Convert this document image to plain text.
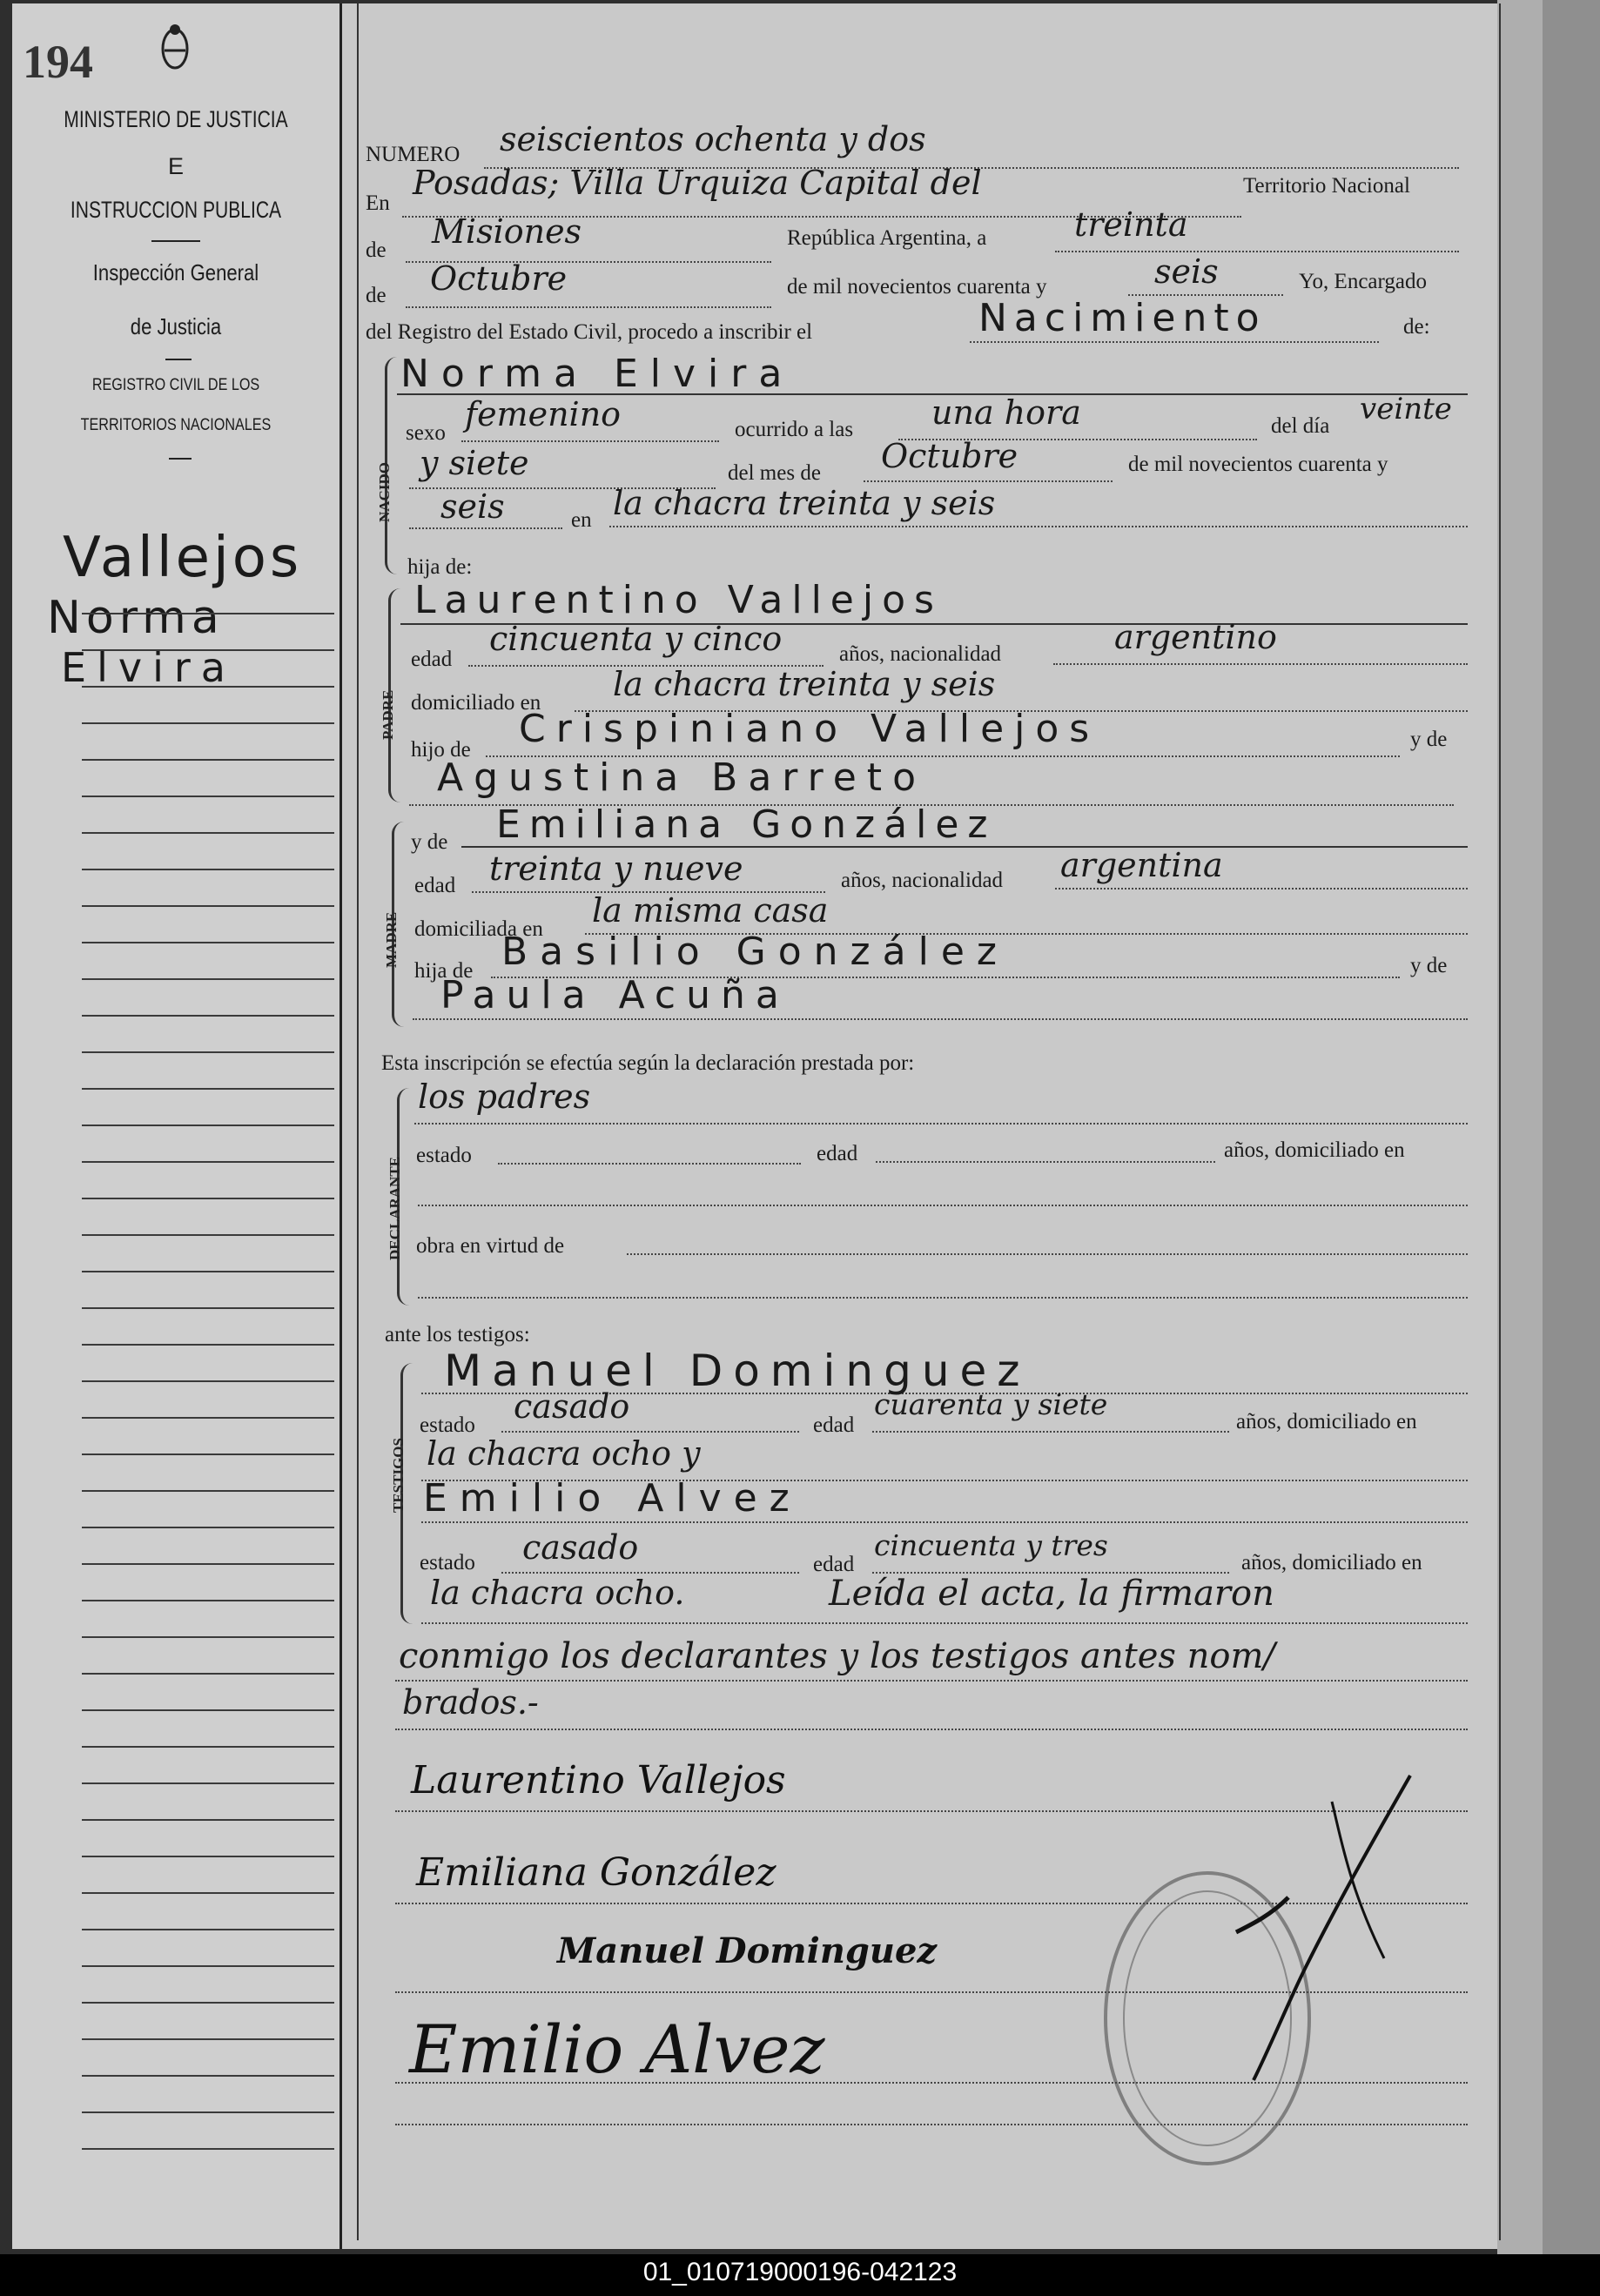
194
MINISTERIO DE JUSTICIA
E
INSTRUCCION PUBLICA
Inspección General
de Justicia
REGISTRO CIVIL DE LOS
TERRITORIOS NACIONALES
Vallejos
Norma
Elvira
NUMERO seiscientos ochenta y dos
En
Posadas; Villa Urquiza Capital del	Territorio Nacional
de Misiones	República Argentina, a	treinta
de Octubre	de mil novecientos cuarenta y	seis	Yo, Encargado
del Registro del Estado Civil, procedo a inscribir el	Nacimiento	de:
NACIDO
Norma Elvira
sexo femenino	ocurrido a las una hora	del día veinte
y siete	del mes de Octubre	de mil novecientos cuarenta y
seis	en la chacra treinta y seis
hija de:
PADRE
Laurentino Vallejos
edad
cincuenta y cinco	años, nacionalidad	argentino
domiciliado en la chacra treinta y seis
hijo de Crispiniano Vallejos	y de
Agustina Barreto
MADRE
y de Emiliana González
edad treinta y nueve	años, nacionalidad argentina
domiciliada en la misma casa
hija de Basilio González	y de
Paula Acuña
Esta inscripción se efectúa según la declaración prestada por:
DECLARANTE
los padres
estado	edad	años, domiciliado en
obra en virtud de
ante los testigos:
TESTIGOS
Manuel Dominguez
estado casado	edad
cuarenta y siete
años, domiciliado en
la chacra ocho y
Emilio Alvez
estado casado	edad
cincuenta y tres
años, domiciliado en
la chacra ocho.	Leída el acta, la firmaron
conmigo los declarantes y los testigos antes nom/
brados.-
Laurentino Vallejos
Emiliana González
Manuel Dominguez
Emilio Alvez
01_010719000196-042123
